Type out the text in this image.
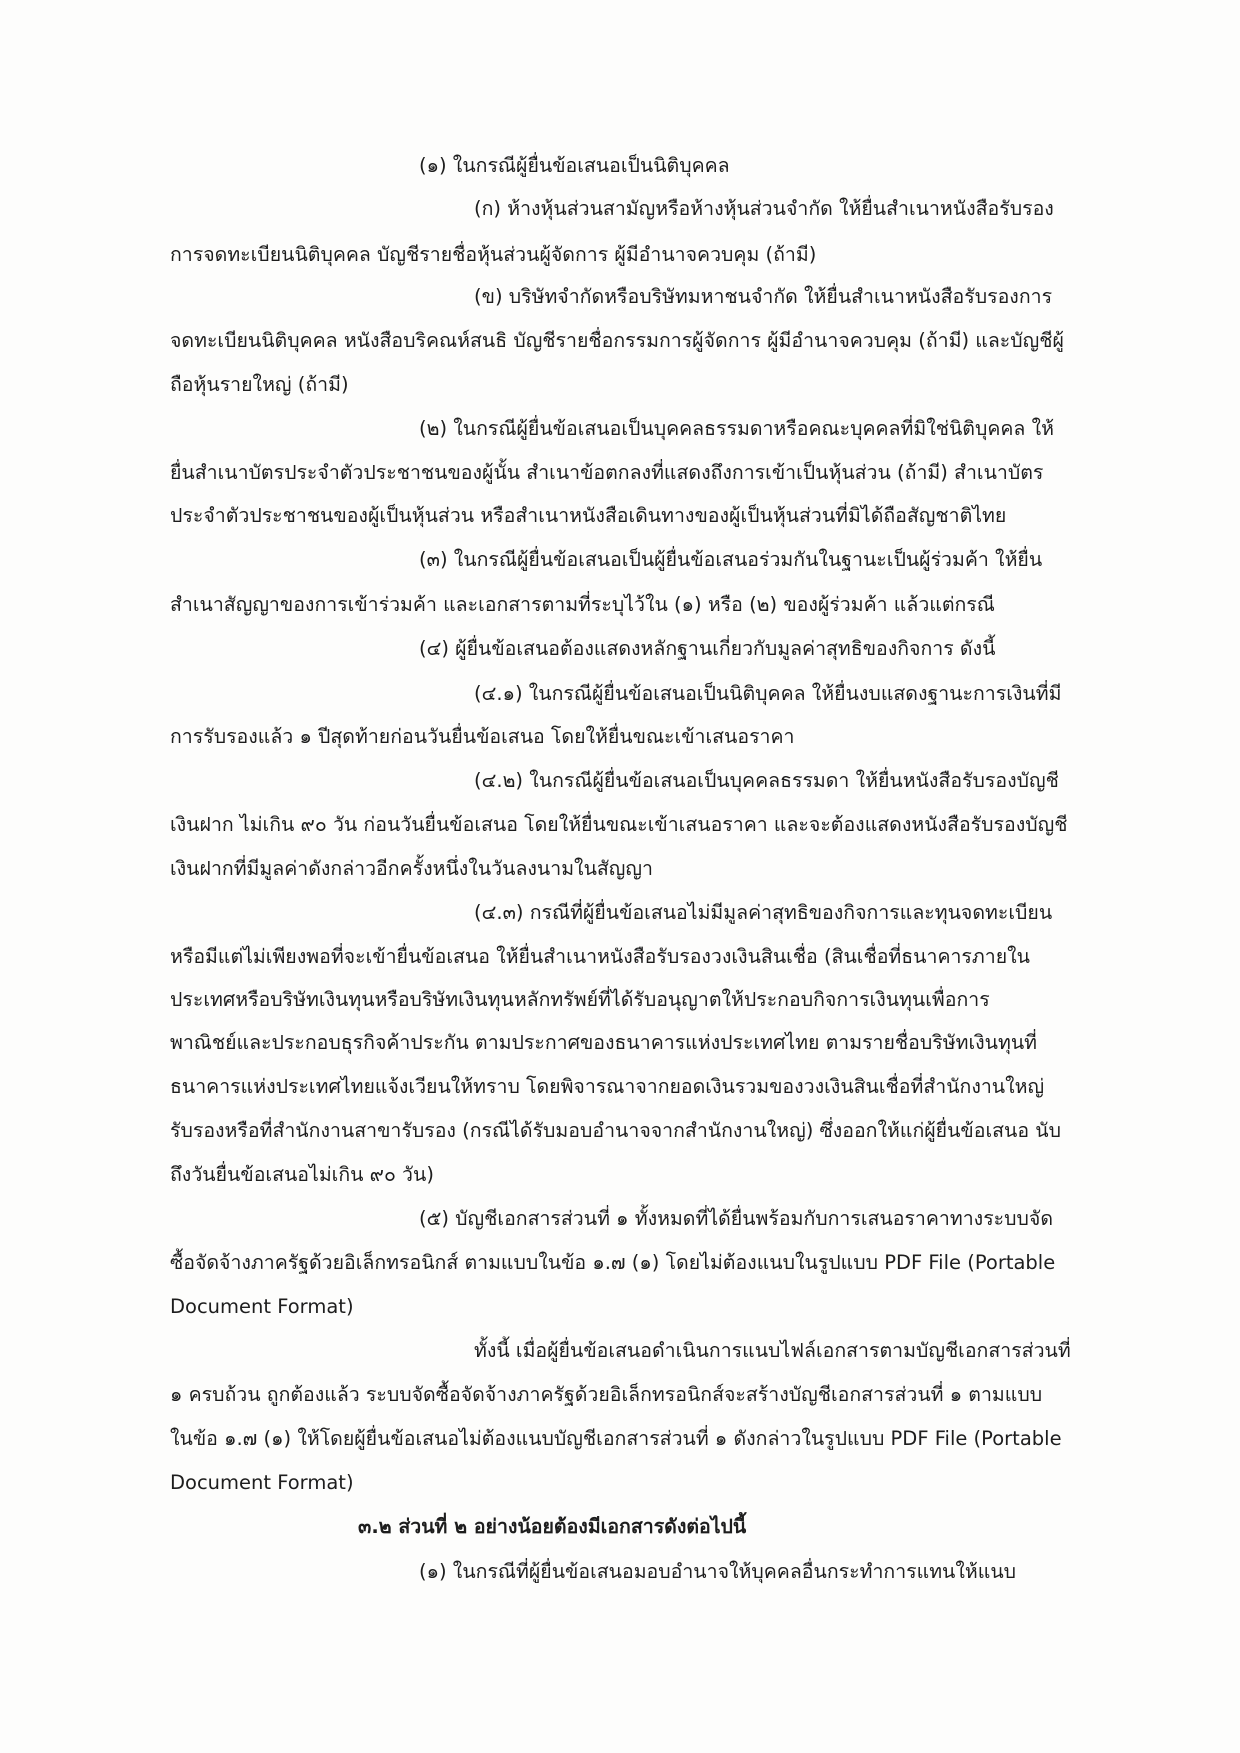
(๑) ในกรณีผู้ยื่นข้อเสนอเป็นนิติบุคคล

(ก) ห้างหุ้นส่วนสามัญหรือห้างหุ้นส่วนจำกัด ให้ยื่นสำเนาหนังสือรับรอง

การจดทะเบียนนิติบุคคล บัญชีรายชื่อหุ้นส่วนผู้จัดการ ผู้มีอำนาจควบคุม (ถ้ามี)

(ข) บริษัทจำกัดหรือบริษัทมหาชนจำกัด ให้ยื่นสำเนาหนังสือรับรองการ

จดทะเบียนนิติบุคคล หนังสือบริคณห์สนธิ บัญชีรายชื่อกรรมการผู้จัดการ ผู้มีอำนาจควบคุม (ถ้ามี) และบัญชีผู้

ถือหุ้นรายใหญ่ (ถ้ามี)

(๒) ในกรณีผู้ยื่นข้อเสนอเป็นบุคคลธรรมดาหรือคณะบุคคลที่มิใช่นิติบุคคล ให้

ยื่นสำเนาบัตรประจำตัวประชาชนของผู้นั้น สำเนาข้อตกลงที่แสดงถึงการเข้าเป็นหุ้นส่วน (ถ้ามี) สำเนาบัตร

ประจำตัวประชาชนของผู้เป็นหุ้นส่วน หรือสำเนาหนังสือเดินทางของผู้เป็นหุ้นส่วนที่มิได้ถือสัญชาติไทย

(๓) ในกรณีผู้ยื่นข้อเสนอเป็นผู้ยื่นข้อเสนอร่วมกันในฐานะเป็นผู้ร่วมค้า ให้ยื่น

สำเนาสัญญาของการเข้าร่วมค้า และเอกสารตามที่ระบุไว้ใน (๑) หรือ (๒) ของผู้ร่วมค้า แล้วแต่กรณี

(๔) ผู้ยื่นข้อเสนอต้องแสดงหลักฐานเกี่ยวกับมูลค่าสุทธิของกิจการ ดังนี้

(๔.๑) ในกรณีผู้ยื่นข้อเสนอเป็นนิติบุคคล ให้ยื่นงบแสดงฐานะการเงินที่มี

การรับรองแล้ว ๑ ปีสุดท้ายก่อนวันยื่นข้อเสนอ โดยให้ยื่นขณะเข้าเสนอราคา

(๔.๒) ในกรณีผู้ยื่นข้อเสนอเป็นบุคคลธรรมดา ให้ยื่นหนังสือรับรองบัญชี

เงินฝาก ไม่เกิน ๙๐ วัน ก่อนวันยื่นข้อเสนอ โดยให้ยื่นขณะเข้าเสนอราคา และจะต้องแสดงหนังสือรับรองบัญชี

เงินฝากที่มีมูลค่าดังกล่าวอีกครั้งหนึ่งในวันลงนามในสัญญา

(๔.๓) กรณีที่ผู้ยื่นข้อเสนอไม่มีมูลค่าสุทธิของกิจการและทุนจดทะเบียน

หรือมีแต่ไม่เพียงพอที่จะเข้ายื่นข้อเสนอ ให้ยื่นสำเนาหนังสือรับรองวงเงินสินเชื่อ (สินเชื่อที่ธนาคารภายใน

ประเทศหรือบริษัทเงินทุนหรือบริษัทเงินทุนหลักทรัพย์ที่ได้รับอนุญาตให้ประกอบกิจการเงินทุนเพื่อการ

พาณิชย์และประกอบธุรกิจค้าประกัน ตามประกาศของธนาคารแห่งประเทศไทย ตามรายชื่อบริษัทเงินทุนที่

ธนาคารแห่งประเทศไทยแจ้งเวียนให้ทราบ โดยพิจารณาจากยอดเงินรวมของวงเงินสินเชื่อที่สำนักงานใหญ่

รับรองหรือที่สำนักงานสาขารับรอง (กรณีได้รับมอบอำนาจจากสำนักงานใหญ่) ซึ่งออกให้แก่ผู้ยื่นข้อเสนอ นับ

ถึงวันยื่นข้อเสนอไม่เกิน ๙๐ วัน)

(๕) บัญชีเอกสารส่วนที่ ๑ ทั้งหมดที่ได้ยื่นพร้อมกับการเสนอราคาทางระบบจัด

ซื้อจัดจ้างภาครัฐด้วยอิเล็กทรอนิกส์ ตามแบบในข้อ ๑.๗ (๑) โดยไม่ต้องแนบในรูปแบบ PDF File (Portable

Document Format)

ทั้งนี้ เมื่อผู้ยื่นข้อเสนอดำเนินการแนบไฟล์เอกสารตามบัญชีเอกสารส่วนที่

๑ ครบถ้วน ถูกต้องแล้ว ระบบจัดซื้อจัดจ้างภาครัฐด้วยอิเล็กทรอนิกส์จะสร้างบัญชีเอกสารส่วนที่ ๑ ตามแบบ

ในข้อ ๑.๗ (๑) ให้โดยผู้ยื่นข้อเสนอไม่ต้องแนบบัญชีเอกสารส่วนที่ ๑ ดังกล่าวในรูปแบบ PDF File (Portable

Document Format)

๓.๒ ส่วนที่ ๒ อย่างน้อยต้องมีเอกสารดังต่อไปนี้

(๑) ในกรณีที่ผู้ยื่นข้อเสนอมอบอำนาจให้บุคคลอื่นกระทำการแทนให้แนบ
